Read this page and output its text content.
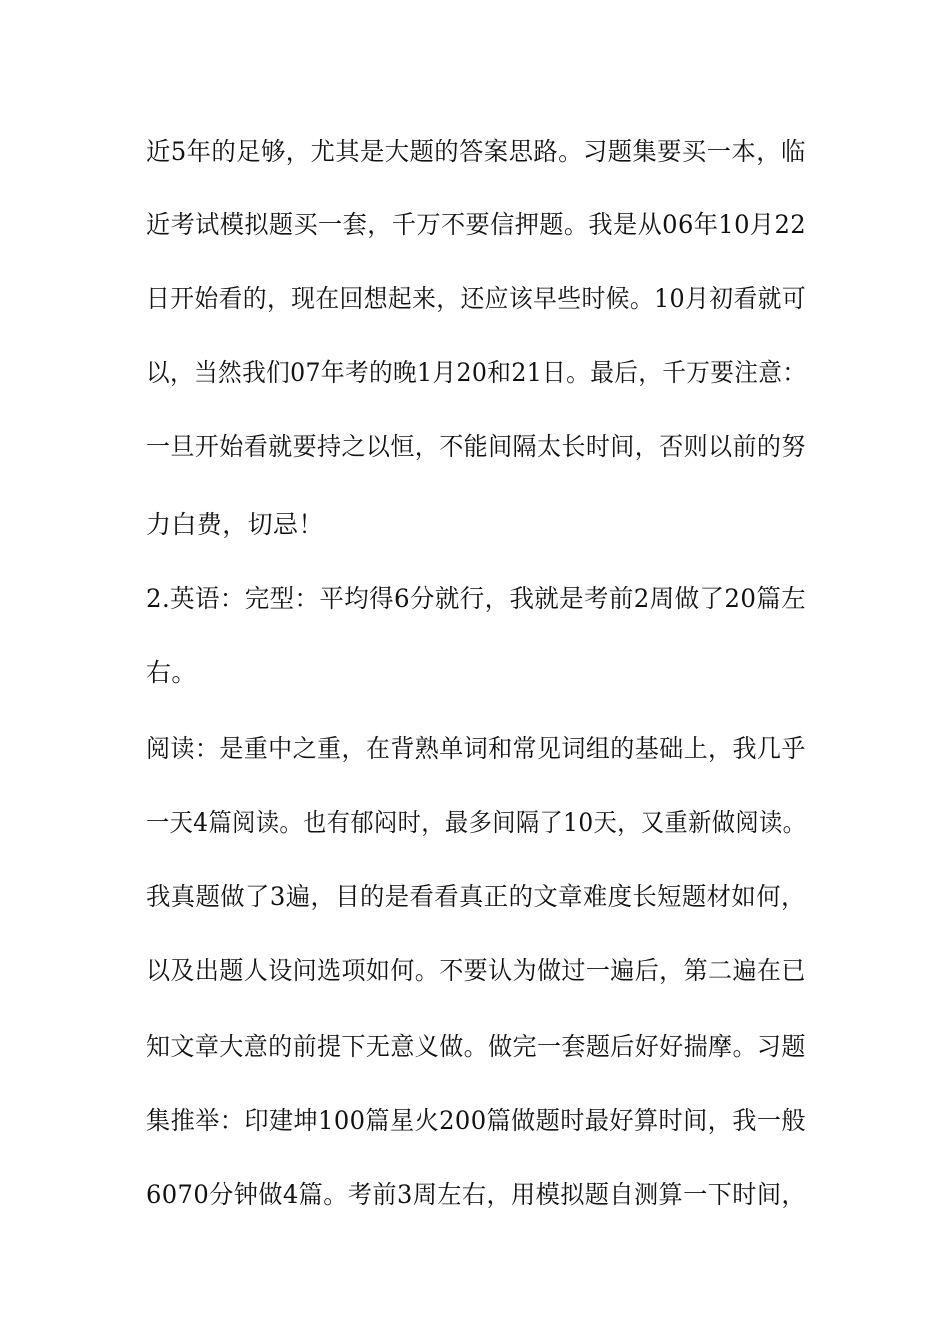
近5年的足够，尤其是大题的答案思路。习题集要买一本，临
近考试模拟题买一套，千万不要信押题。我是从06年10月22
日开始看的，现在回想起来，还应该早些时候。10月初看就可
以，当然我们07年考的晚1月20和21日。最后，千万要注意：
一旦开始看就要持之以恒，不能间隔太长时间，否则以前的努
力白费，切忌！
2.英语：完型：平均得6分就行，我就是考前2周做了20篇左
右。
阅读：是重中之重，在背熟单词和常见词组的基础上，我几乎
一天4篇阅读。也有郁闷时，最多间隔了10天，又重新做阅读。
我真题做了3遍，目的是看看真正的文章难度长短题材如何，
以及出题人设问选项如何。不要认为做过一遍后，第二遍在已
知文章大意的前提下无意义做。做完一套题后好好揣摩。习题
集推举：印建坤100篇星火200篇做题时最好算时间，我一般
6070分钟做4篇。考前3周左右，用模拟题自测算一下时间，
